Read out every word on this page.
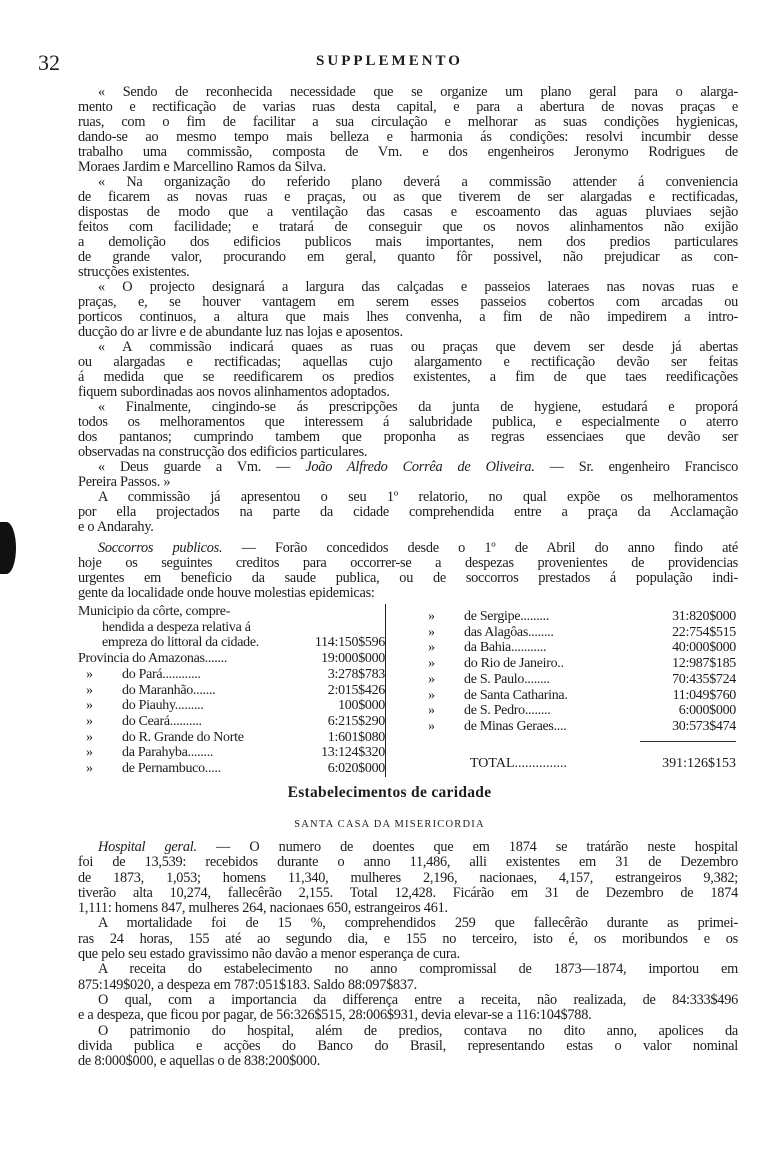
32	SUPPLEMENTO
« Sendo de reconhecida necessidade que se organize um plano geral para o alarga-
mento e rectificação de varias ruas desta capital, e para a abertura de novas praças e
ruas, com o fim de facilitar a sua circulação e melhorar as suas condições hygienicas,
dando-se ao mesmo tempo mais belleza e harmonia ás condições: resolvi incumbir desse
trabalho uma commissão, composta de Vm. e dos engenheiros Jeronymo Rodrigues de
Moraes Jardim e Marcellino Ramos da Silva.
« Na organização do referido plano deverá a commissão attender á conveniencia
de ficarem as novas ruas e praças, ou as que tiverem de ser alargadas e rectificadas,
dispostas de modo que a ventilação das casas e escoamento das aguas pluviaes sejão
feitos com facilidade; e tratará de conseguir que os novos alinhamentos não exijão
a demolição dos edificios publicos mais importantes, nem dos predios particulares
de grande valor, procurando em geral, quanto fôr possivel, não prejudicar as con-
strucções existentes.
« O projecto designará a largura das calçadas e passeios lateraes nas novas ruas e
praças, e, se houver vantagem em serem esses passeios cobertos com arcadas ou
porticos continuos, a altura que mais lhes convenha, a fim de não impedirem a intro-
ducção do ar livre e de abundante luz nas lojas e aposentos.
« A commissão indicará quaes as ruas ou praças que devem ser desde já abertas
ou alargadas e rectificadas; aquellas cujo alargamento e rectificação devão ser feitas
á medida que se reedificarem os predios existentes, a fim de que taes reedificações
fiquem subordinadas aos novos alinhamentos adoptados.
« Finalmente, cingindo-se ás prescripções da junta de hygiene, estudará e proporá
todos os melhoramentos que interessem á salubridade publica, e especialmente o aterro
dos pantanos; cumprindo tambem que proponha as regras essenciaes que devão ser
observadas na construcção dos edificios particulares.
« Deus guarde a Vm. — João Alfredo Corrêa de Oliveira. — Sr. engenheiro Francisco
Pereira Passos. »
A commissão já apresentou o seu 1º relatorio, no qual expõe os melhoramentos
por ella projectados na parte da cidade comprehendida entre a praça da Acclamação
e o Andarahy.
Soccorros publicos. — Forão concedidos desde o 1º de Abril do anno findo até
hoje os seguintes creditos para occorrer-se a despezas provenientes de providencias
urgentes em beneficio da saude publica, ou de soccorros prestados á população indi-
gente da localidade onde houve molestias epidemicas:
Municipio da côrte, compre-
hendida a despeza relativa á
empreza do littoral da cidade.		114:150$596
Provincia do Amazonas.......		19:000$000
»	do Pará............	3:278$783
»	do Maranhão.......	2:015$426
»	do Piauhy.........	100$000
»	do Ceará..........	6:215$290
»	do R. Grande do Norte	1:601$080
»	da Parahyba........	13:124$320
»	de Pernambuco.....	6:020$000
»	de Sergipe.........	31:820$000
»	das Alagôas........	22:754$515
»	da Bahia...........	40:000$000
»	do Rio de Janeiro..	12:987$185
»	de S. Paulo........	70:435$724
»	de Santa Catharina.	11:049$760
»	de S. Pedro........	6:000$000
»	de Minas Geraes....	30:573$474
TOTAL...............	391:126$153
Estabelecimentos de caridade
SANTA CASA DA MISERICORDIA
Hospital geral. — O numero de doentes que em 1874 se tratárão neste hospital
foi de 13,539: recebidos durante o anno 11,486, alli existentes em 31 de Dezembro
de 1873, 1,053; homens 11,340, mulheres 2,196, nacionaes, 4,157, estrangeiros 9,382;
tiverão alta 10,274, fallecêrão 2,155. Total 12,428. Ficárão em 31 de Dezembro de 1874
1,111: homens 847, mulheres 264, nacionaes 650, estrangeiros 461.
A mortalidade foi de 15 %, comprehendidos 259 que fallecêrão durante as primei-
ras 24 horas, 155 até ao segundo dia, e 155 no terceiro, isto é, os moribundos e os
que pelo seu estado gravissimo não davão a menor esperança de cura.
A receita do estabelecimento no anno compromissal de 1873—1874, importou em
875:149$020, a despeza em 787:051$183. Saldo 88:097$837.
O qual, com a importancia da differença entre a receita, não realizada, de 84:333$496
e a despeza, que ficou por pagar, de 56:326$515, 28:006$931, devia elevar-se a 116:104$788.
O patrimonio do hospital, além de predios, contava no dito anno, apolices da
divida publica e acções do Banco do Brasil, representando estas o valor nominal
de 8:000$000, e aquellas o de 838:200$000.
